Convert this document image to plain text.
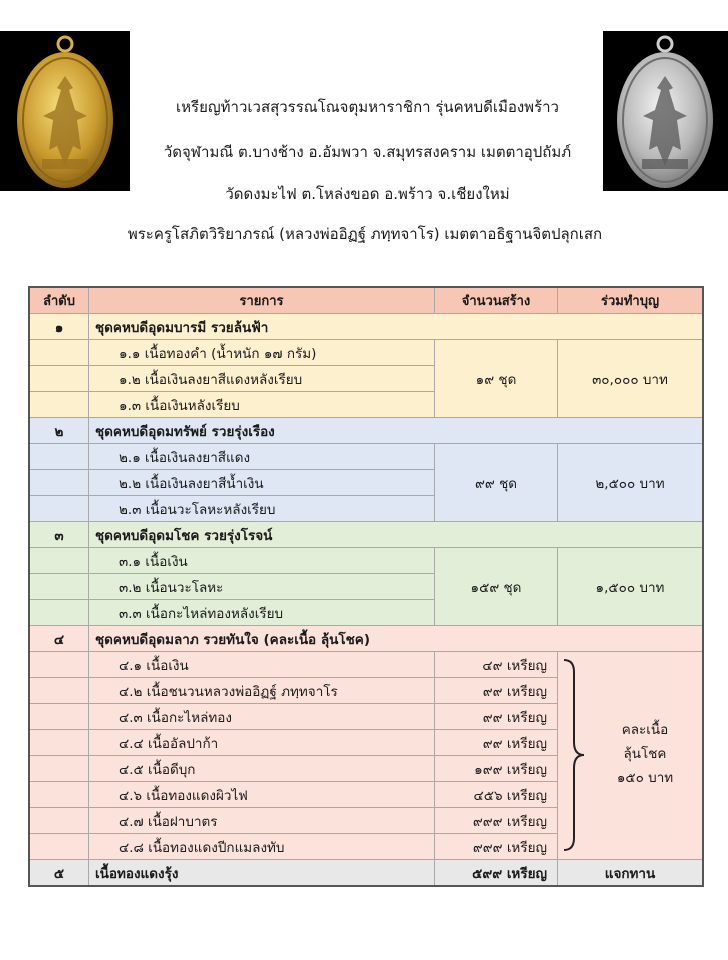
เหรียญท้าวเวสสุวรรณโณจตุมหาราชิกา รุ่นคหบดีเมืองพร้าว
วัดจุฬามณี ต.บางช้าง อ.อัมพวา จ.สมุทรสงคราม เมตตาอุปถัมภ์
วัดดงมะไฟ ต.โหล่งขอด อ.พร้าว จ.เชียงใหม่
พระครูโสภิตวิริยาภรณ์ (หลวงพ่ออิฏฐ์ ภทฺทจาโร) เมตตาอธิฐานจิตปลุกเสก
ลำดับ	รายการ	จำนวนสร้าง	ร่วมทำบุญ
๑	ชุดคหบดีอุดมบารมี รวยล้นฟ้า		
	๑.๑ เนื้อทองคำ (น้ำหนัก ๑๗ กรัม)	๑๙ ชุด	๓๐,๐๐๐ บาท
	๑.๒ เนื้อเงินลงยาสีแดงหลังเรียบ		
	๑.๓ เนื้อเงินหลังเรียบ		
๒	ชุดคหบดีอุดมทรัพย์ รวยรุ่งเรือง		
	๒.๑ เนื้อเงินลงยาสีแดง	๙๙ ชุด	๒,๕๐๐ บาท
	๒.๒ เนื้อเงินลงยาสีน้ำเงิน		
	๒.๓ เนื้อนวะโลหะหลังเรียบ		
๓	ชุดคหบดีอุดมโชค รวยรุ่งโรจน์		
	๓.๑ เนื้อเงิน	๑๕๙ ชุด	๑,๕๐๐ บาท
	๓.๒ เนื้อนวะโลหะ		
	๓.๓ เนื้อกะไหล่ทองหลังเรียบ		
๔	ชุดคหบดีอุดมลาภ รวยทันใจ (คละเนื้อ ลุ้นโชค)		
	๔.๑ เนื้อเงิน	๔๙ เหรียญ	คละเนื้อ
ลุ้นโชค
๑๕๐ บาท

	๔.๒ เนื้อชนวนหลวงพ่ออิฏฐ์ ภทฺทจาโร	๙๙ เหรียญ	
	๔.๓ เนื้อกะไหล่ทอง	๙๙ เหรียญ	
	๔.๔ เนื้ออัลปาก้า	๙๙ เหรียญ	
	๔.๕ เนื้อดีบุก	๑๙๙ เหรียญ	
	๔.๖ เนื้อทองแดงผิวไฟ	๔๕๖ เหรียญ	
	๔.๗ เนื้อฝาบาตร	๙๙๙ เหรียญ	
	๔.๘ เนื้อทองแดงปีกแมลงทับ	๙๙๙ เหรียญ	
๕	เนื้อทองแดงรุ้ง	๕๙๙ เหรียญ	แจกทาน
